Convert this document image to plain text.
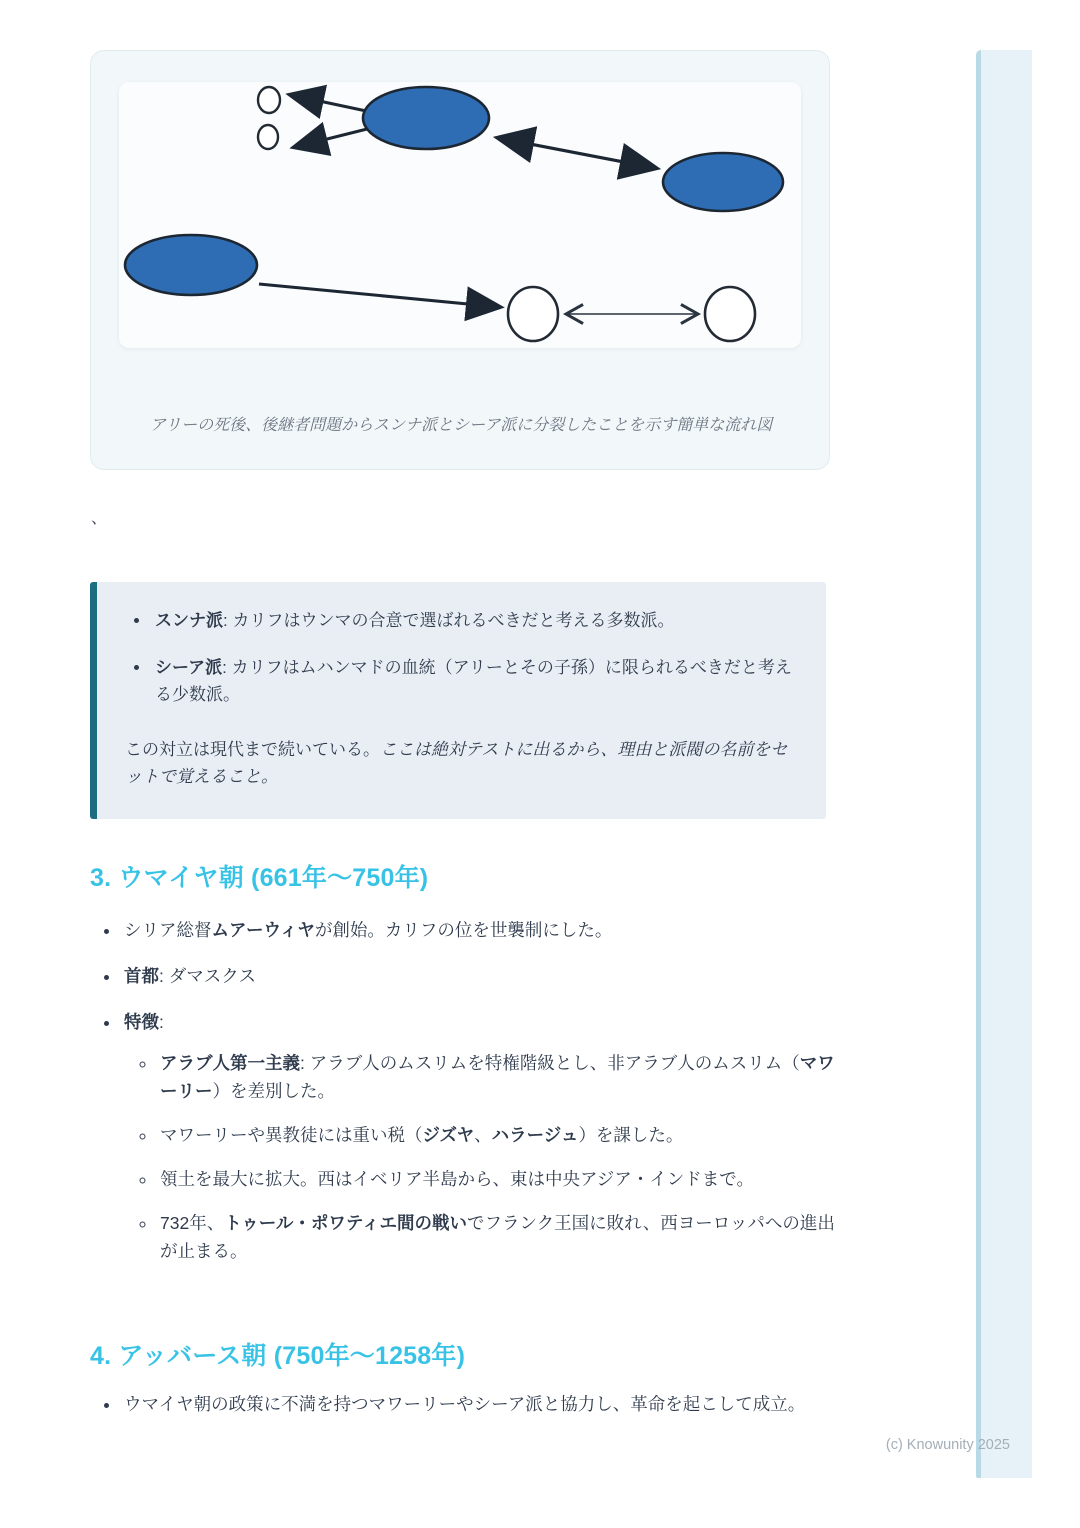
アリーの死後、後継者問題からスンナ派とシーア派に分裂したことを示す簡単な流れ図
、
• スンナ派: カリフはウンマの合意で選ばれるべきだと考える多数派。
• シーア派: カリフはムハンマドの血統（アリーとその子孫）に限られるべきだと考える少数派。

この対立は現代まで続いている。ここは絶対テストに出るから、理由と派閥の名前をセットで覚えること。

3. ウマイヤ朝 (661年〜750年)
• シリア総督ムアーウィヤが創始。カリフの位を世襲制にした。
• 首都: ダマスクス
• 特徴:
◦ アラブ人第一主義: アラブ人のムスリムを特権階級とし、非アラブ人のムスリム（マワーリー）を差別した。
◦ マワーリーや異教徒には重い税（ジズヤ、ハラージュ）を課した。
◦ 領土を最大に拡大。西はイベリア半島から、東は中央アジア・インドまで。
◦ 732年、トゥール・ポワティエ間の戦いでフランク王国に敗れ、西ヨーロッパへの進出が止まる。
4. アッバース朝 (750年〜1258年)
• ウマイヤ朝の政策に不満を持つマワーリーやシーア派と協力し、革命を起こして成立。
(c) Knowunity 2025
